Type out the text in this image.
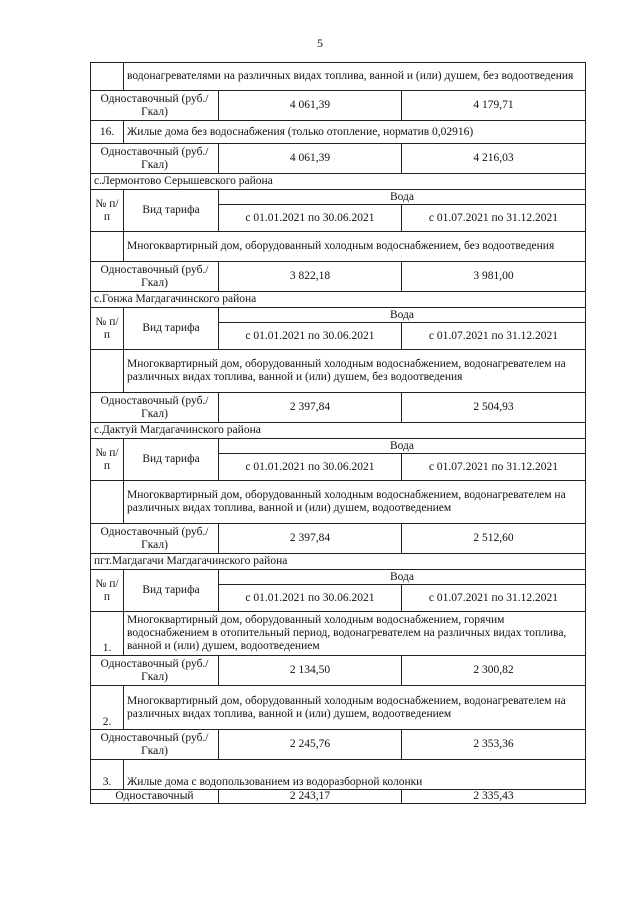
5
	водонагревателями на различных видах топлива, ванной и (или) душем, без водоотведения		
Одноставочный (руб./Гкал)		4 061,39	4 179,71
16.	Жилые дома без водоснабжения (только отопление, норматив 0,02916)		
Одноставочный (руб./Гкал)		4 061,39	4 216,03
с.Лермонтово Серышевского района			
№ п/п	Вид тарифа	Вода	
		с 01.01.2021 по 30.06.2021	с 01.07.2021 по 31.12.2021
	Многоквартирный дом, оборудованный холодным водоснабжением, без водоотведения		
Одноставочный (руб./Гкал)		3 822,18	3 981,00
с.Гонжа Магдагачинского района			
№ п/п	Вид тарифа	Вода	
		с 01.01.2021 по 30.06.2021	с 01.07.2021 по 31.12.2021
	Многоквартирный дом, оборудованный холодным водоснабжением, водонагревателем на различных видах топлива, ванной и (или) душем, без водоотведения		
Одноставочный (руб./Гкал)		2 397,84	2 504,93
с.Дактуй Магдагачинского района			
№ п/п	Вид тарифа	Вода	
		с 01.01.2021 по 30.06.2021	с 01.07.2021 по 31.12.2021
	Многоквартирный дом, оборудованный холодным водоснабжением, водонагревателем на различных видах топлива, ванной и (или) душем, водоотведением		
Одноставочный (руб./Гкал)		2 397,84	2 512,60
пгт.Магдагачи Магдагачинского района			
№ п/п	Вид тарифа	Вода	
		с 01.01.2021 по 30.06.2021	с 01.07.2021 по 31.12.2021
1.	Многоквартирный дом, оборудованный холодным водоснабжением, горячим водоснабжением в отопительный период, водонагревателем на различных видах топлива, ванной и (или) душем, водоотведением		
Одноставочный (руб./Гкал)		2 134,50	2 300,82
2.	Многоквартирный дом, оборудованный холодным водоснабжением, водонагревателем на различных видах топлива, ванной и (или) душем, водоотведением		
Одноставочный (руб./Гкал)		2 245,76	2 353,36
3.	Жилые дома с водопользованием из водоразборной колонки		
Одноставочный		2 243,17	2 335,43
